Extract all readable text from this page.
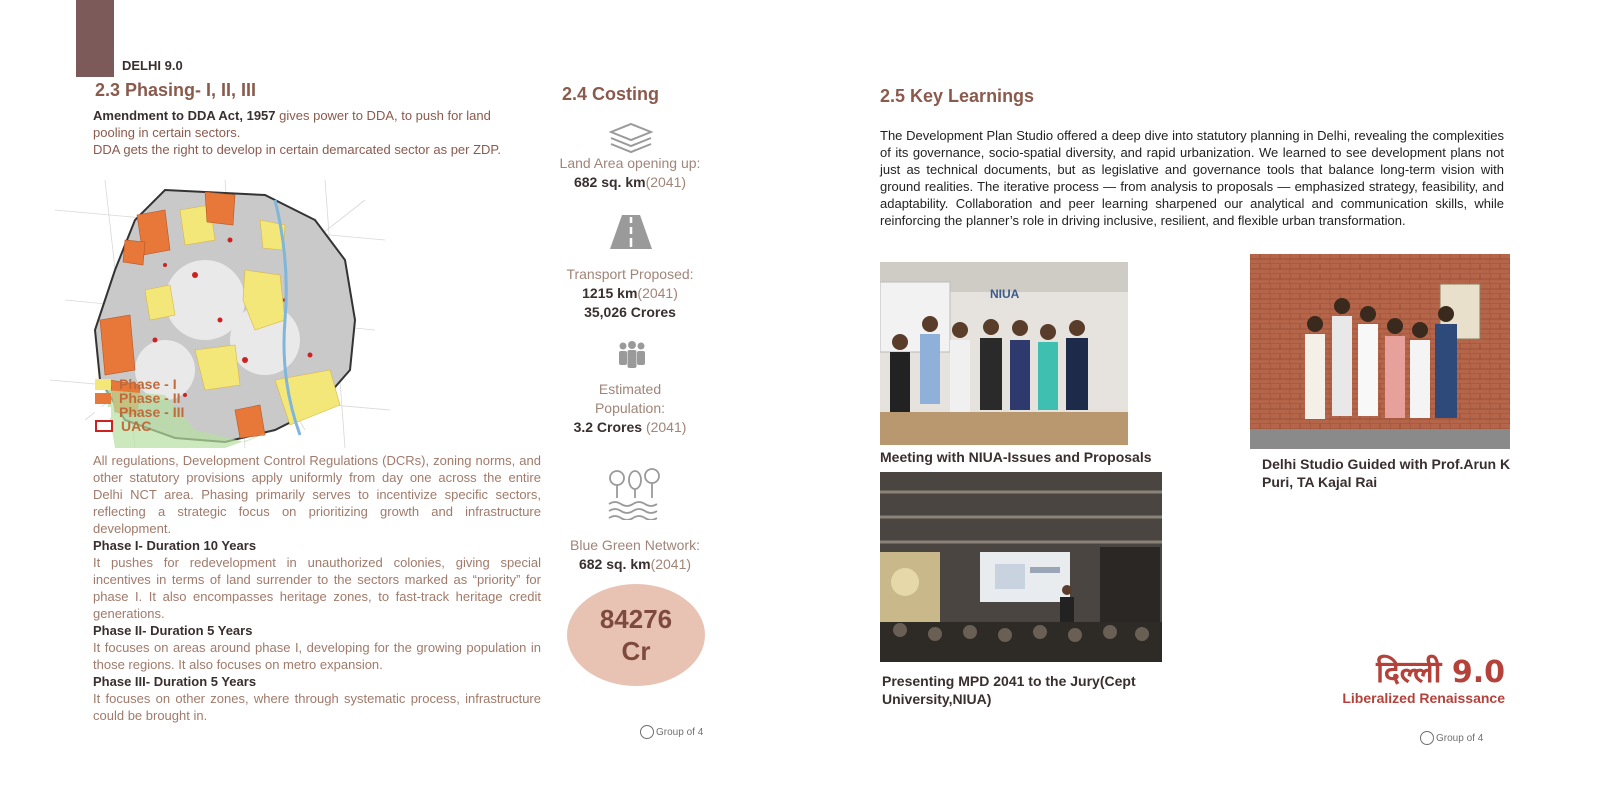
DELHI 9.0
2.3 Phasing- I, II, III
Amendment to DDA Act, 1957 gives power to DDA, to push for land pooling in certain sectors.
DDA gets the right to develop in certain demarcated sector as per ZDP.
Phase - I
Phase - II
Phase - III
UAC
All regulations, Development Control Regulations (DCRs), zoning norms, and other statutory provisions apply uniformly from day one across the entire Delhi NCT area. Phasing primarily serves to incentivize specific sectors, reflecting a strategic focus on prioritizing growth and infrastructure development.
Phase I- Duration 10 Years
It pushes for redevelopment in unauthorized colonies, giving special incentives in terms of land surrender to the sectors marked as “priority” for phase I. It also encompasses heritage zones, to fast-track heritage credit generations.
Phase II- Duration 5 Years
It focuses on areas around phase I, developing for the growing population in those regions. It also focuses on metro expansion.
Phase III- Duration 5 Years
It focuses on other zones, where through systematic process, infrastructure could be brought in.
2.4 Costing
Land Area opening up:
682 sq. km(2041)
Transport Proposed:
1215 km(2041)
35,026 Crores
Estimated
Population:
3.2 Crores (2041)
Blue Green Network:
682 sq. km(2041)
84276
Cr
Group of 4
2.5 Key Learnings
The Development Plan Studio offered a deep dive into statutory planning in Delhi, revealing the complexities of its governance, socio-spatial diversity, and rapid urbanization. We learned to see development plans not just as technical documents, but as legislative and governance tools that balance long-term vision with ground realities. The iterative process — from analysis to proposals — emphasized strategy, feasibility, and adaptability. Collaboration and peer learning sharpened our analytical and communication skills, while reinforcing the planner’s role in driving inclusive, resilient, and flexible urban transformation.
NIUA
Meeting with NIUA-Issues and Proposals	Delhi Studio Guided with Prof.Arun K Puri, TA Kajal Rai
Presenting MPD 2041 to the Jury(Cept University,NIUA)
दिल्ली 9.0
Liberalized Renaissance
Group of 4
